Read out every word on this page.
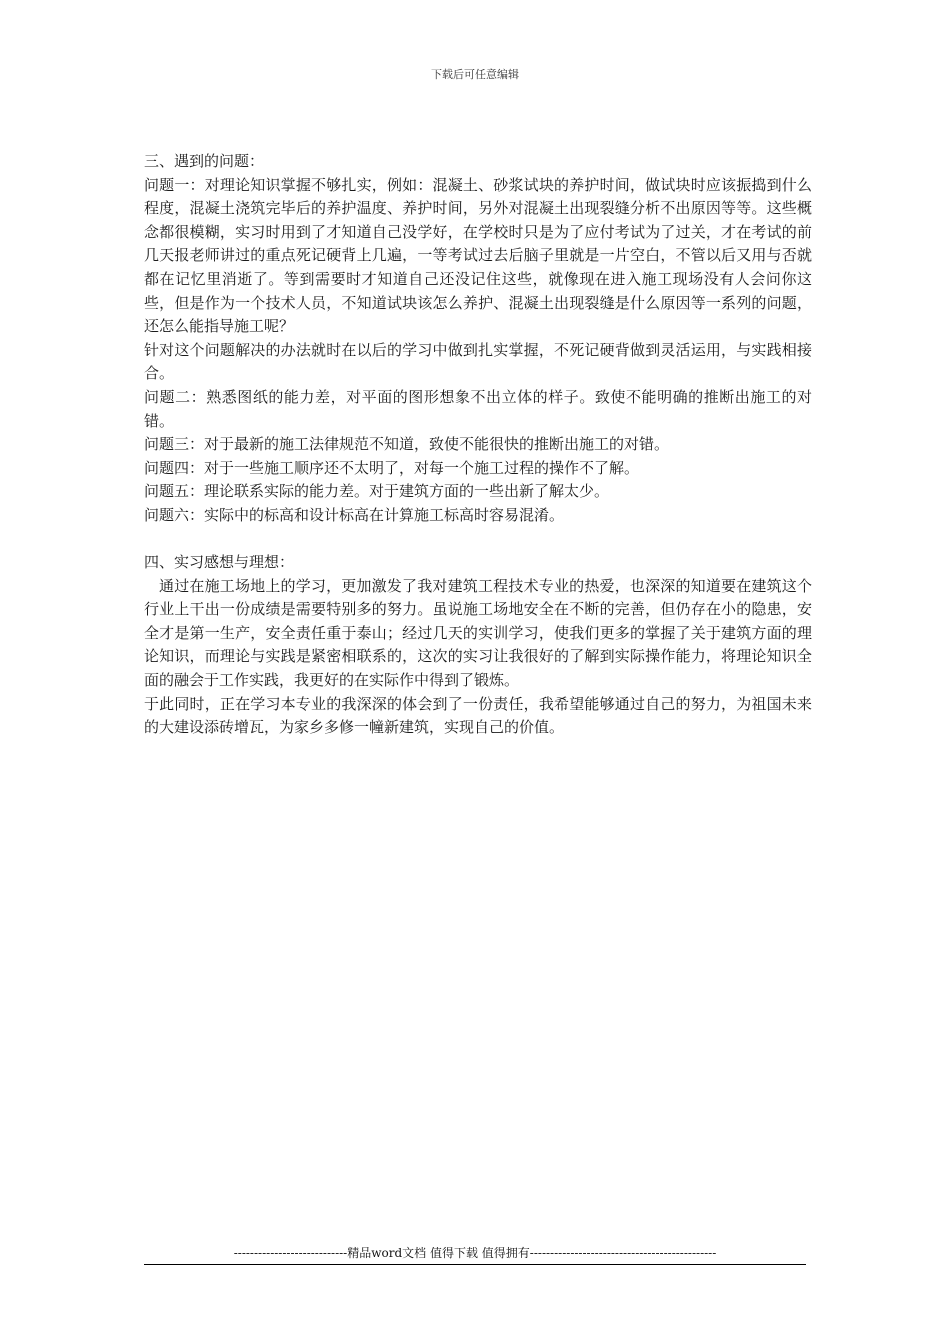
下载后可任意编辑

三、遇到的问题：

问题一：对理论知识掌握不够扎实，例如：混凝土、砂浆试块的养护时间，做试块时应该振捣到什么程度，混凝土浇筑完毕后的养护温度、养护时间，另外对混凝土出现裂缝分析不出原因等等。这些概念都很模糊，实习时用到了才知道自己没学好，在学校时只是为了应付考试为了过关，才在考试的前几天报老师讲过的重点死记硬背上几遍，一等考试过去后脑子里就是一片空白，不管以后又用与否就都在记忆里消逝了。等到需要时才知道自己还没记住这些，就像现在进入施工现场没有人会问你这些，但是作为一个技术人员，不知道试块该怎么养护、混凝土出现裂缝是什么原因等一系列的问题，还怎么能指导施工呢？

针对这个问题解决的办法就时在以后的学习中做到扎实掌握，不死记硬背做到灵活运用，与实践相接合。

问题二：熟悉图纸的能力差，对平面的图形想象不出立体的样子。致使不能明确的推断出施工的对错。

问题三：对于最新的施工法律规范不知道，致使不能很快的推断出施工的对错。

问题四：对于一些施工顺序还不太明了，对每一个施工过程的操作不了解。

问题五：理论联系实际的能力差。对于建筑方面的一些出新了解太少。

问题六：实际中的标高和设计标高在计算施工标高时容易混淆。

四、实习感想与理想：

通过在施工场地上的学习，更加激发了我对建筑工程技术专业的热爱，也深深的知道要在建筑这个行业上干出一份成绩是需要特别多的努力。虽说施工场地安全在不断的完善，但仍存在小的隐患，安全才是第一生产，安全责任重于泰山；经过几天的实训学习，使我们更多的掌握了关于建筑方面的理论知识，而理论与实践是紧密相联系的，这次的实习让我很好的了解到实际操作能力，将理论知识全面的融会于工作实践，我更好的在实际作中得到了锻炼。

于此同时，正在学习本专业的我深深的体会到了一份责任，我希望能够通过自己的努力，为祖国未来的大建设添砖增瓦，为家乡多修一幢新建筑，实现自己的价值。

----------------------------精品word文档 值得下载 值得拥有----------------------------------------------
